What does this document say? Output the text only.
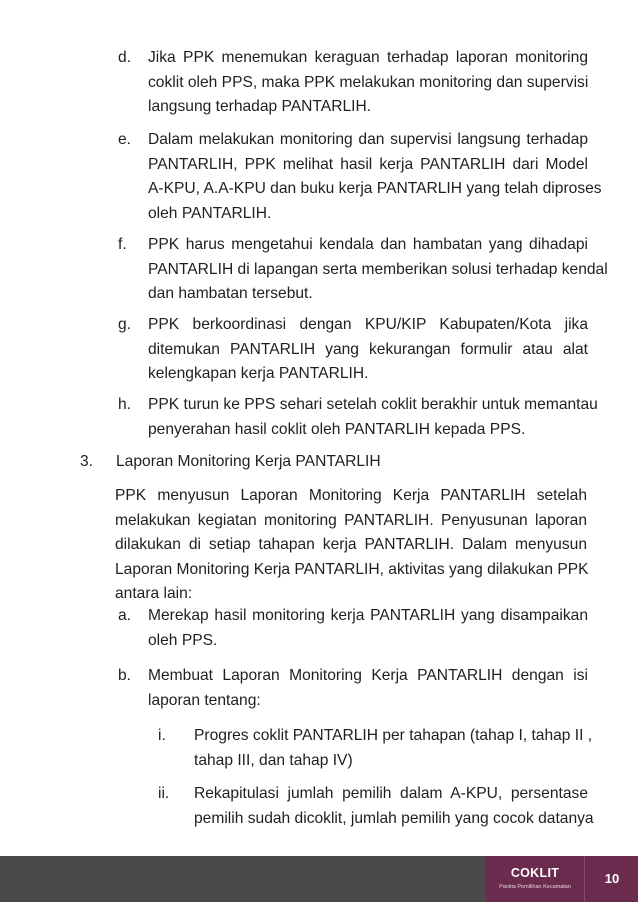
d. Jika PPK menemukan keraguan terhadap laporan monitoring
coklit oleh PPS, maka PPK melakukan monitoring dan supervisi
langsung terhadap PANTARLIH.
e. Dalam melakukan monitoring dan supervisi langsung terhadap
PANTARLIH, PPK melihat hasil kerja PANTARLIH dari Model
A-KPU, A.A-KPU dan buku kerja PANTARLIH yang telah diproses
oleh PANTARLIH.
f. PPK harus mengetahui kendala dan hambatan yang dihadapi
PANTARLIH di lapangan serta memberikan solusi terhadap kendal
dan hambatan tersebut.
g. PPK berkoordinasi dengan KPU/KIP Kabupaten/Kota jika
ditemukan PANTARLIH yang kekurangan formulir atau alat
kelengkapan kerja PANTARLIH.
h. PPK turun ke PPS sehari setelah coklit berakhir untuk memantau
penyerahan hasil coklit oleh PANTARLIH kepada PPS.
3. Laporan Monitoring Kerja PANTARLIH
PPK menyusun Laporan Monitoring Kerja PANTARLIH setelah
melakukan kegiatan monitoring PANTARLIH. Penyusunan laporan
dilakukan di setiap tahapan kerja PANTARLIH. Dalam menyusun
Laporan Monitoring Kerja PANTARLIH, aktivitas yang dilakukan PPK
antara lain:
a. Merekap hasil monitoring kerja PANTARLIH yang disampaikan
oleh PPS.
b. Membuat Laporan Monitoring Kerja PANTARLIH dengan isi
laporan tentang:
i. Progres coklit PANTARLIH per tahapan (tahap I, tahap II ,
tahap III, dan tahap IV)
ii. Rekapitulasi jumlah pemilih dalam A-KPU, persentase
pemilih sudah dicoklit, jumlah pemilih yang cocok datanya
COKLIT
Panitia Pemilihan Kecamatan
10
